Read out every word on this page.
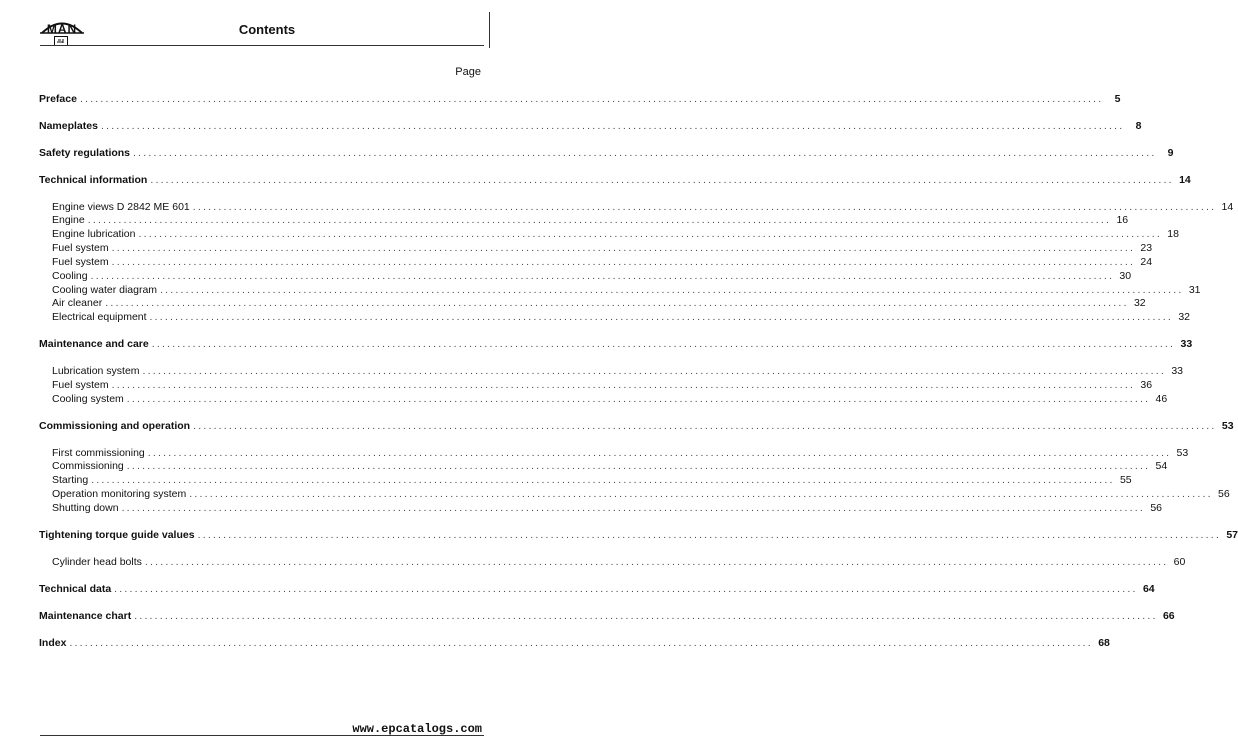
MAN	Contents
Page
Preface ........................................................................................................................................................................................................	5
Nameplates ........................................................................................................................................................................................................	8
Safety regulations ........................................................................................................................................................................................................	9
Technical information ........................................................................................................................................................................................................ 14
Engine views D 2842 ME 601 ........................................................................................................................................................................................................ 14
Engine ........................................................................................................................................................................................................ 16
Engine lubrication ........................................................................................................................................................................................................ 18
Fuel system ........................................................................................................................................................................................................ 23
Fuel system ........................................................................................................................................................................................................ 24
Cooling ........................................................................................................................................................................................................ 30
Cooling water diagram ........................................................................................................................................................................................................ 31
Air cleaner ........................................................................................................................................................................................................ 32
Electrical equipment ........................................................................................................................................................................................................ 32
Maintenance and care ........................................................................................................................................................................................................ 33
Lubrication system ........................................................................................................................................................................................................ 33
Fuel system ........................................................................................................................................................................................................ 36
Cooling system ........................................................................................................................................................................................................ 46
Commissioning and operation ........................................................................................................................................................................................................ 53
First commissioning ........................................................................................................................................................................................................ 53
Commissioning ........................................................................................................................................................................................................ 54
Starting ........................................................................................................................................................................................................ 55
Operation monitoring system ........................................................................................................................................................................................................ 56
Shutting down ........................................................................................................................................................................................................ 56
Tightening torque guide values ........................................................................................................................................................................................................ 57
Cylinder head bolts ........................................................................................................................................................................................................ 60
Technical data ........................................................................................................................................................................................................ 64
Maintenance chart ........................................................................................................................................................................................................ 66
Index ........................................................................................................................................................................................................ 68
www.epcatalogs.com
